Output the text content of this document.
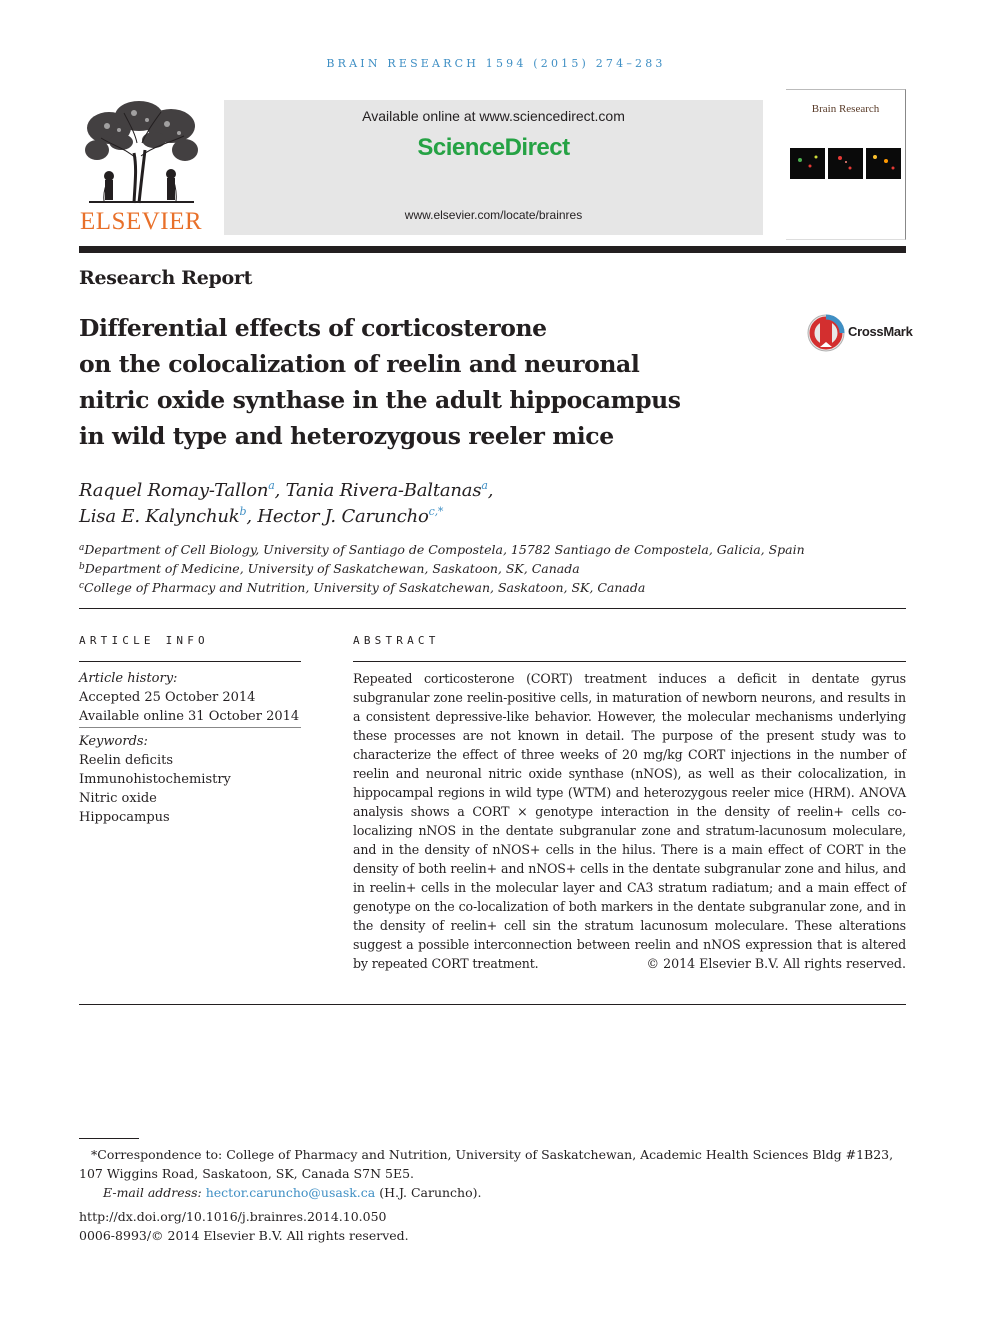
BRAIN RESEARCH 1594 (2015) 274–283
ELSEVIER
Available online at www.sciencedirect.com
ScienceDirect
www.elsevier.com/locate/brainres
Brain Research
Research Report
Differential effects of corticosterone
on the colocalization of reelin and neuronal
nitric oxide synthase in the adult hippocampus
in wild type and heterozygous reeler mice
CrossMark
Raquel Romay-Tallon$^a$, Tania Rivera-Baltanas$^a$,
Lisa E. Kalynchuk$^b$, Hector J. Caruncho$^{c,*}$
$^a$Department of Cell Biology, University of Santiago de Compostela, 15782 Santiago de Compostela, Galicia, Spain
$^b$Department of Medicine, University of Saskatchewan, Saskatoon, SK, Canada
$^c$College of Pharmacy and Nutrition, University of Saskatchewan, Saskatoon, SK, Canada
ARTICLE INFO
Article history:
Accepted 25 October 2014
Available online 31 October 2014
Keywords:
Reelin deficits
Immunohistochemistry
Nitric oxide
Hippocampus
ABSTRACT
Repeated corticosterone (CORT) treatment induces a deficit in dentate gyrus subgranular zone reelin-positive cells, in maturation of newborn neurons, and results in a consistent depressive-like behavior. However, the molecular mechanisms underlying these processes are not known in detail. The purpose of the present study was to characterize the effect of three weeks of 20 mg/kg CORT injections in the number of reelin and neuronal nitric oxide synthase (nNOS), as well as their colocalization, in hippocampal regions in wild type (WTM) and heterozygous reeler mice (HRM). ANOVA analysis shows a CORT × genotype interaction in the density of reelin+ cells co-localizing nNOS in the dentate subgranular zone and stratum-lacunosum moleculare, and in the density of nNOS+ cells in the hilus. There is a main effect of CORT in the density of both reelin+ and nNOS+ cells in the dentate subgranular zone and hilus, and in reelin+ cells in the molecular layer and CA3 stratum radiatum; and a main effect of genotype on the co-localization of both markers in the dentate subgranular zone, and in the density of reelin+ cell sin the stratum lacunosum moleculare. These alterations suggest a possible interconnection between reelin and nNOS expression that is altered by repeated CORT treatment.	© 2014 Elsevier B.V. All rights reserved.
*Correspondence to: College of Pharmacy and Nutrition, University of Saskatchewan, Academic Health Sciences Bldg #1B23,
107 Wiggins Road, Saskatoon, SK, Canada S7N 5E5.
E-mail address: hector.caruncho@usask.ca (H.J. Caruncho).
http://dx.doi.org/10.1016/j.brainres.2014.10.050
0006-8993/© 2014 Elsevier B.V. All rights reserved.
